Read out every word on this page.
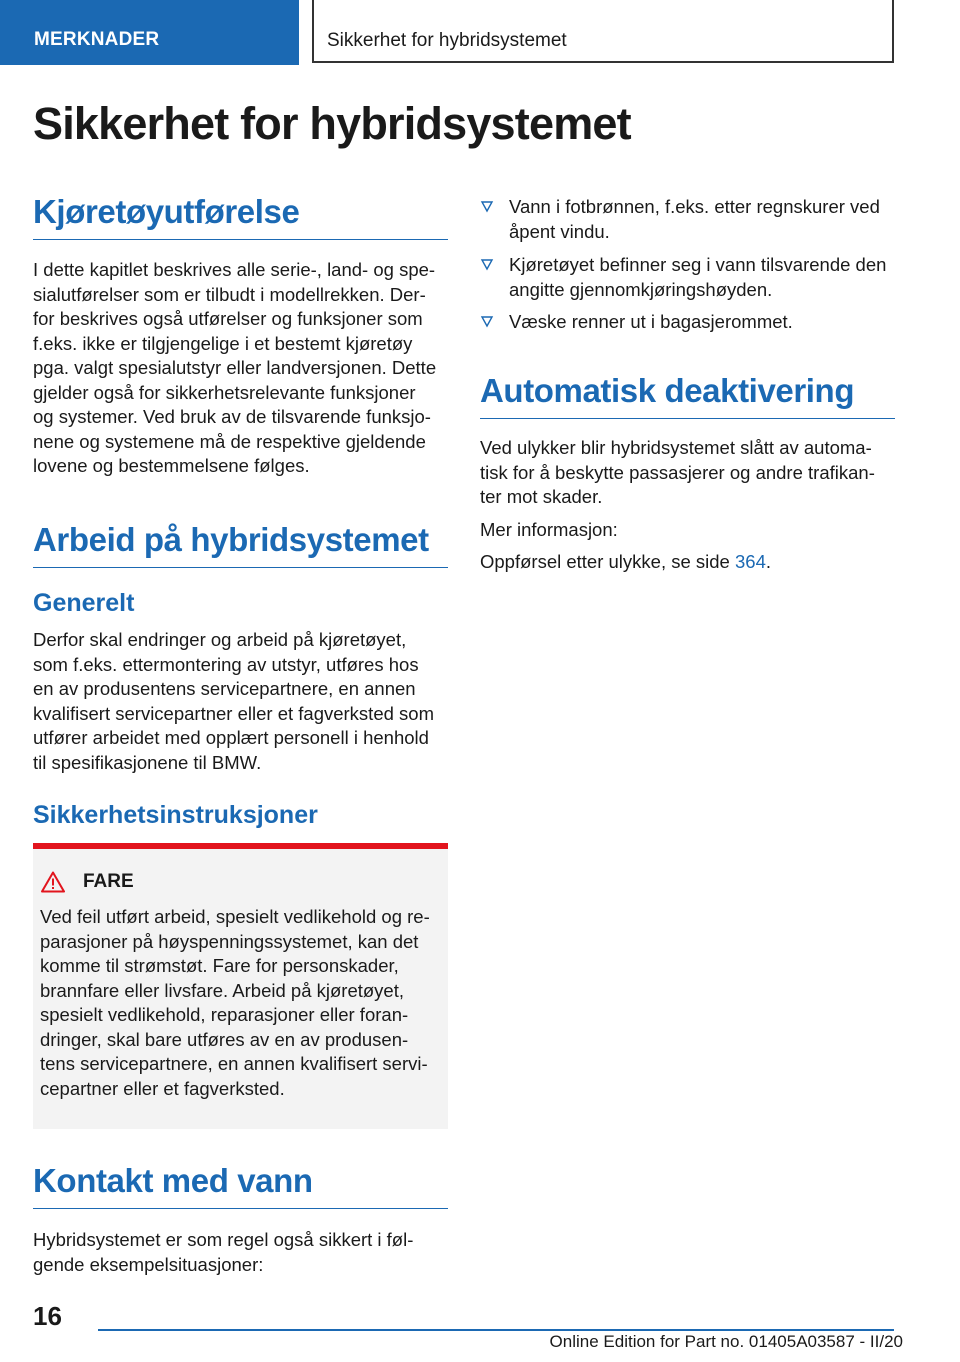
MERKNADER	Sikkerhet for hybridsystemet
Sikkerhet for hybridsystemet
Kjøretøyutførelse

I dette kapitlet beskrives alle serie-, land- og spe-
sialutførelser som er tilbudt i modellrekken. Der-
for beskrives også utførelser og funksjoner som
f.eks. ikke er tilgjengelige i et bestemt kjøretøy
pga. valgt spesialutstyr eller landversjonen. Dette
gjelder også for sikkerhetsrelevante funksjoner
og systemer. Ved bruk av de tilsvarende funksjo-
nene og systemene må de respektive gjeldende
lovene og bestemmelsene følges.

Arbeid på hybridsystemet
Generelt

Derfor skal endringer og arbeid på kjøretøyet,
som f.eks. ettermontering av utstyr, utføres hos
en av produsentens servicepartnere, en annen
kvalifisert servicepartner eller et fagverksted som
utfører arbeidet med opplært personell i henhold
til spesifikasjonene til BMW.

Sikkerhetsinstruksjoner
FARE

Ved feil utført arbeid, spesielt vedlikehold og re-
parasjoner på høyspenningssystemet, kan det
komme til strømstøt. Fare for personskader,
brannfare eller livsfare. Arbeid på kjøretøyet,
spesielt vedlikehold, reparasjoner eller foran-
dringer, skal bare utføres av en av produsen-
tens servicepartnere, en annen kvalifisert servi-
cepartner eller et fagverksted.

Kontakt med vann

Hybridsystemet er som regel også sikkert i føl-
gende eksempelsituasjoner:

Vann i fotbrønnen, f.eks. etter regnskurer ved
åpent vindu.
Kjøretøyet befinner seg i vann tilsvarende den
angitte gjennomkjøringshøyden.
Væske renner ut i bagasjerommet.
Automatisk deaktivering

Ved ulykker blir hybridsystemet slått av automa-
tisk for å beskytte passasjerer og andre trafikan-
ter mot skader.

Mer informasjon:

Oppførsel etter ulykke, se side 364.

16
Online Edition for Part no. 01405A03587 - II/20
